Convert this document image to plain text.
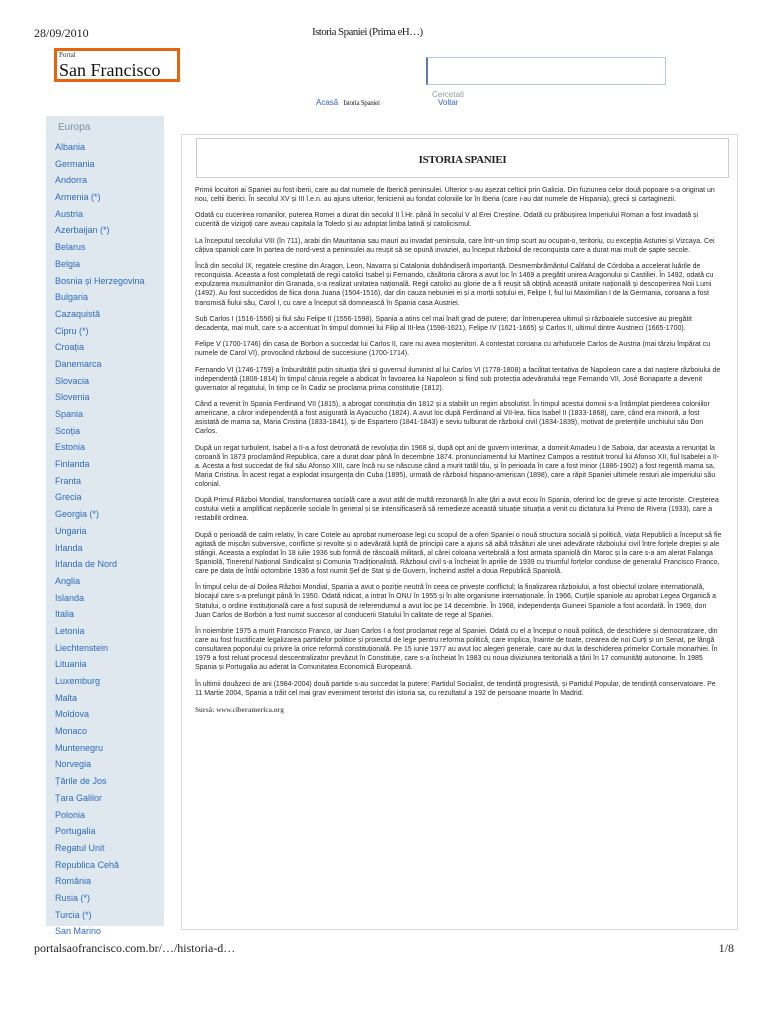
28/09/2010	Istoria Spaniei (Prima eH…)
Portal
San Francisco
Cercetati
Acasă Istoria Spaniei	Voltar
Europa
Albania
Germania
Andorra
Armenia (*)
Austria
Azerbaijan (*)
Belarus
Belgia
Bosnia și Herzegovina
Bulgaria
Cazaquistă
Cipru (*)
Croația
Danemarca
Slovacia
Slovenia
Spania
Scoția
Estonia
Finlanda
Franta
Grecia
Georgia (*)
Ungaria
Irlanda
Irlanda de Nord
Anglia
Islanda
Italia
Letonia
Liechtenstein
Lituania
Luxemburg
Malta
Moldova
Monaco
Muntenegru
Norvegia
Țările de Jos
Țara Galilor
Polonia
Portugalia
Regatul Unit
Republica Cehă
România
Rusia (*)
Turcia (*)
San Marino
ISTORIA SPANIEI

Primii locuitori ai Spaniei au fost iberii, care au dat numele de Iberică peninsulei. Ulterior s-au așezat celticii prin Galicia. Din fuziunea celor două popoare s-a originat un nou, celtii iberici. În secolul XV și III î.e.n. au ajuns ulterior, fenicienii au fondat coloniile lor în Iberia (care i-au dat numele de Hispania), grecii și cartaginezii.

Odată cu cucerirea romanilor, puterea Romei a durat din secolul II î.Hr. până în secolul V al Erei Creștine. Odată cu prăbușirea Imperiului Roman a fost invadată și cucerită de vizigoți care aveau capitala la Toledo și au adoptat limba latină și catolicismul.

La începutul secolului VIII (în 711), arabi din Mauritania sau mauri au invadat peninsula, care într-un timp scurt au ocupat-o, teritoriu, cu excepția Asturiei și Vizcaya. Cei câțiva spanioli care în partea de nord-vest a peninsulei au reușit să se opună invaziei, au început războiul de reconquista care a durat mai mult de șapte secole.

Încă din secolul IX, regatele creștine din Aragon, Leon, Navarra și Catalonia dobândiseră importanță. Desmembrământul Califatul de Córdoba a accelerat luările de reconquista. Aceasta a fost completată de regii catolici Isabel și Fernando, căsătoria cărora a avut loc în 1469 a pregătit unirea Aragonului și Castiliei. În 1492, odată cu expulzarea musulmanilor din Granada, s-a realizat unitatea națională. Regii catolici au glorie de a fi reușit să obțină această unitate națională și descoperirea Noii Lumi (1492). Au fost succedidos de fiica dona Juana (1504-1516), dar din cauza nebuniei ei și a morții soțului ei, Felipe I, fiul lui Maximilian I de la Germania, coroana a fost transmisă fiului său, Carol I, cu care a început să domnească în Spania casa Austriei.

Sub Carlos I (1516-1556) și fiul său Felipe II (1556-1598), Spania a atins cel mai înalt grad de putere; dar întreruperea ultimul și războaiele succesive au pregătit decadența, mai mult, care s-a accentuat în timpul domniei lui Filip al III-lea (1598-1621), Felipe IV (1621-1665) și Carlos II, ultimul dintre Austrieci (1665-1700).

Felipe V (1700-1746) din casa de Borbon a succedat lui Carlos II, care nu avea moștenitori. A contestat coroana cu arhiducele Carlos de Austria (mai târziu împărat cu numele de Carol VI), provocând războiul de succesiune (1700-1714).

Fernando VI (1746-1759) a îmbunătățit puțin situația țării și guvernul iluminist al lui Carlos VI (1778-1808) a facilitat tentativa de Napoleon care a dat naștere războiului de independență (1808-1814) în timpul căruia regele a abdicat în favoarea lui Napoleon și fiind sub protecția adevăratului rege Fernando VII, José Bonaparte a devenit guvernator al regatului, în timp ce în Cadiz se proclama prima constituție (1812).

Când a revenit în Spania Ferdinand VII (1815), a abrogat constituția din 1812 și a stabilit un regim absolutist. În timpul acestui domnii s-a întâmplat pierderea coloniilor americane, a căror independență a fost asigurată la Ayacucho (1824). A avut loc după Ferdinand al VII-lea. fiica Isabel II (1833-1868), care, când era minoră, a fost asistată de mama sa, Maria Cristina (1833-1841), și de Espartero (1841-1843) e seviu tulburat de războiul civil (1834-1839), motivat de pretențiile unchiului său Don Carlos.

După un regat turbulent, Isabel a II-a a fost detronată de revoluția din 1968 și, după opt ani de guvern interimar, a domnit Amadeu I de Saboia, dar aceasta a renunțat la coroană în 1873 proclamând Republica, care a durat doar până în decembrie 1874. pronunciamentul lui Martínez Campos a restituit tronul lui Afonso XII, fiul Isabelei a II-a. Acesta a fost succedat de fiul său Afonso XIII, care încă nu se născuse când a murit tatăl tău, și în perioada în care a fost minor (1886-1902) a fost regentă mama sa, Maria Cristina. În acest regat a explodat insurgența din Cuba (1895), urmată de războiul hispano-american (1898), care a răpit Spaniei ultimele resturi ale imperiului său colonial.

După Primul Război Mondial, transformarea socială care a avut atât de multă rezonanță în alte țări a avut ecou în Spania, oferind loc de greve și acte teroriste. Creșterea costului vieții a amplificat nepăcerile sociale în general și se intensificaseră să remedieze această situație situația a venit cu dictatura lui Primo de Rivera (1933), care a restabilit ordinea.

După o perioadă de calm relativ, în care Cotele au aprobat numeroase legi cu scopul de a oferi Spaniei o nouă structura socială și politică, viața Republicii a început să fie agitată de mișcări subversive, conflicte și revolte și o adevărată luptă de principii care a ajuns să aibă trăsături ale unei adevărate războiului civil între forțele dreptei și ale stângii. Aceasta a explodat în 18 iulie 1936 sub formă de răscoală militară, al cărei coloana vertebrală a fost armata spaniolă din Maroc și la care s-a am alerat Falanga Spaniolă, Tineretul Național Sindicalist și Comunia Tradiționalistă. Războiul civil s-a încheiat în aprilie de 1939 cu triumful forțelor conduse de generalul Francisco Franco, care pe data de întâi octombrie 1936 a fost numit Șef de Stat și de Guvern, încheind astfel a doua Republică Spaniolă.

În timpul celui de-al Doilea Război Mondial, Spania a avut o poziție neutră în ceea ce privește conflictul; la finalizarea războiului, a fost obiectul izolare internațională, blocajul care s-a prelungit până în 1950. Odată ridicat, a intrat în ONU în 1955 și în alte organisme internaționale. În 1966, Curțile spaniole au aprobat Legea Organică a Statului, o ordine instituțională care a fost supusă de referendumul a avut loc pe 14 decembrie. În 1968, independența Guineei Spaniole a fost acordată. În 1969, don Juan Carlos de Borbón a fost numit succesor al conducerii Statului în calitate de rege al Spaniei.

În noiembrie 1975 a murit Francisco Franco, iar Juan Carlos I a fost proclamat rege al Spaniei. Odată cu el a început o nouă politică, de deschidere și democratizare, din care au fost fructificate legalizarea partidelor politice și proiectul de lege pentru reforma politică, care implica, înainte de toate, crearea de noi Curți și un Senat, pe lângă consultarea poporului cu privire la orice reformă constituțională. Pe 15 iunie 1977 au avut loc alegeri generale, care au dus la deschiderea primelor Cortuile monarhiei. În 1979 a fost reluat procesul descentralizator prevăzut în Constituție, care s-a încheiat în 1983 cu noua diviziunea teritorială a țării în 17 comunități autonome. În 1985 Spania și Portugalia au aderat la Comunitatea Economică Europeană.

În ultimii douăzeci de ani (1984-2004) două partide s-au succedat la putere: Partidul Socialist, de tendință progresistă, și Partidul Popular, de tendință conservatoare. Pe 11 Martie 2004, Spania a trăit cel mai grav eveniment terorist din istoria sa, cu rezultatul a 192 de persoane moarte în Madrid.

Sursă: www.ciberamerica.org
portalsaofrancisco.com.br/…/historia-d…	1/8
